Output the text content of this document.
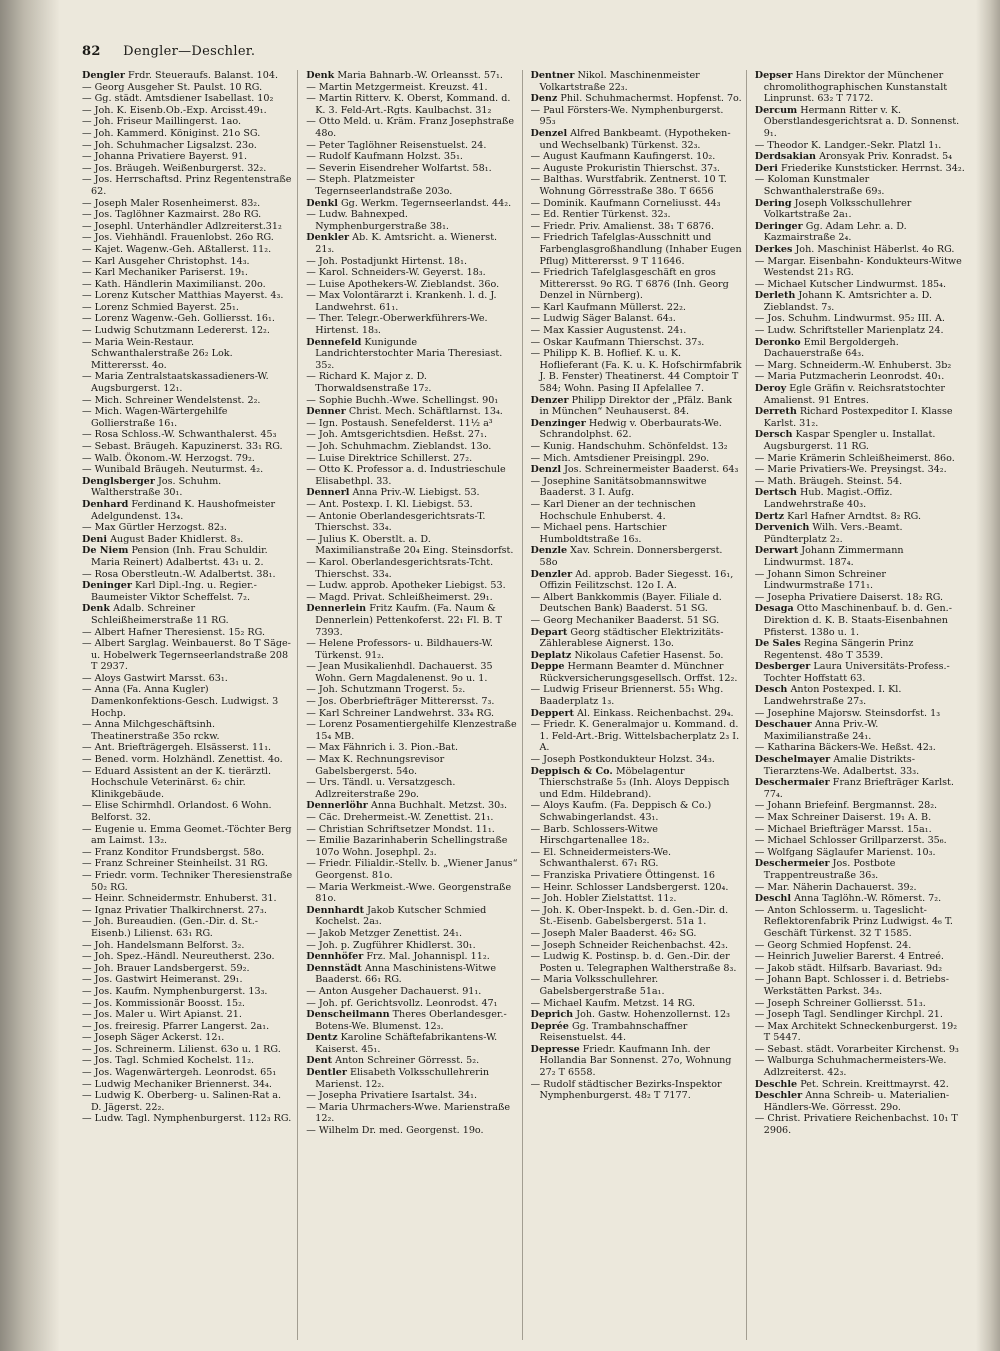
82 Dengler—Deschler.

Dengler Frdr. Steueraufs. Balanst. 104.

— Georg Ausgeher St. Paulst. 10 RG.

— Gg. städt. Amtsdiener Isabellast. 10₂

— Joh. K. Eisenb.Ob.-Exp. Arcisst.49₁.

— Joh. Friseur Maillingerst. 1ao.

— Joh. Kammerd. Königinst. 21o SG.

— Joh. Schuhmacher Ligsalzst. 23o.

— Johanna Privatiere Bayerst. 91.

— Jos. Bräugeh. Weißenburgerst. 32₂.

— Jos. Herrschaftsd. Prinz Regentenstraße 62.

— Joseph Maler Rosenheimerst. 83₂.

— Jos. Taglöhner Kazmairst. 28o RG.

— Josephl. Unterhändler Adlzreiterst.31₂

— Jos. Viehhändl. Frauenlobst. 26o RG.

— Kajet. Wagenw.-Geh. Aßtallerst. 11₂.

— Karl Ausgeher Christophst. 14₃.

— Karl Mechaniker Pariserst. 19₁.

— Kath. Händlerin Maximilianst. 20o.

— Lorenz Kutscher Matthias Mayerst. 4₃.

— Lorenz Schmied Bayerst. 25₁.

— Lorenz Wagenw.-Geh. Golliersst. 16₁.

— Ludwig Schutzmann Ledererst. 12₂.

— Maria Wein-Restaur. Schwanthalerstraße 26₂ Lok. Mitterersst. 4o.

— Maria Zentralstaatskassadieners-W. Augsburgerst. 12₁.

— Mich. Schreiner Wendelstenst. 2₂.

— Mich. Wagen-Wärtergehilfe Gollierstraße 16₁.

— Rosa Schloss.-W. Schwanthalerst. 45₃

— Sebast. Bräugeh. Kapuzinerst. 33₁ RG.

— Walb. Ökonom.-W. Herzogst. 79₂.

— Wunibald Bräugeh. Neuturmst. 4₂.

Denglsberger Jos. Schuhm. Waltherstraße 30₁.

Denhard Ferdinand K. Haushofmeister Adelgundenst. 13₄.

— Max Gürtler Herzogst. 82₃.

Deni August Bader Khidlerst. 8₃.

De Niem Pension (Inh. Frau Schuldir. Maria Reinert) Adalbertst. 43₁ u. 2.

— Rosa Oberstleutn.-W. Adalbertst. 38₁.

Deninger Karl Dipl.-Ing. u. Regier.-Baumeister Viktor Scheffelst. 7₂.

Denk Adalb. Schreiner Schleißheimerstraße 11 RG.

— Albert Hafner Theresienst. 15₂ RG.

— Albert Sarglag. Weinbauerst. 8o T Säge- u. Hobelwerk Tegernseerlandstraße 208 T 2937.

— Aloys Gastwirt Marsst. 63₁.

— Anna (Fa. Anna Kugler) Damenkonfektions-Gesch. Ludwigst. 3 Hochp.

— Anna Milchgeschäftsinh. Theatinerstraße 35o rckw.

— Ant. Briefträgergeh. Elsässerst. 11₁.

— Bened. vorm. Holzhändl. Zenettist. 4o.

— Eduard Assistent an der K. tierärztl. Hochschule Veterinärst. 6₂ chir. Klinikgebäude.

— Elise Schirmhdl. Orlandost. 6 Wohn. Belforst. 32.

— Eugenie u. Emma Geomet.-Töchter Berg am Laimst. 13₂.

— Franz Konditor Frundsbergst. 58o.

— Franz Schreiner Steinheilst. 31 RG.

— Friedr. vorm. Techniker Theresienstraße 50₂ RG.

— Heinr. Schneidermstr. Enhuberst. 31.

— Ignaz Privatier Thalkirchnerst. 27₃.

— Joh. Bureaudien. (Gen.-Dir. d. St.-Eisenb.) Lilienst. 63₁ RG.

— Joh. Handelsmann Belforst. 3₂.

— Joh. Spez.-Händl. Neureutherst. 23o.

— Joh. Brauer Landsbergerst. 59₂.

— Jos. Gastwirt Heimeranst. 29₁.

— Jos. Kaufm. Nymphenburgerst. 13₃.

— Jos. Kommissionär Boosst. 15₂.

— Jos. Maler u. Wirt Apianst. 21.

— Jos. freiresig. Pfarrer Langerst. 2a₁.

— Joseph Säger Ackerst. 12₁.

— Jos. Schreinerm. Lilienst. 63o u. 1 RG.

— Jos. Tagl. Schmied Kochelst. 11₂.

— Jos. Wagenwärtergeh. Leonrodst. 65₁

— Ludwig Mechaniker Briennerst. 34₄.

— Ludwig K. Oberberg- u. Salinen-Rat a. D. Jägerst. 22₂.

— Ludw. Tagl. Nymphenburgerst. 112₃ RG.

Denk Maria Bahnarb.-W. Orleansst. 57₁.

— Martin Metzgermeist. Kreuzst. 41.

— Martin Ritterv. K. Oberst, Kommand. d. K. 3. Feld-Art.-Rgts. Kaulbachst. 31₂

— Otto Meld. u. Kräm. Franz Josephstraße 48o.

— Peter Taglöhner Reisenstuelst. 24.

— Rudolf Kaufmann Holzst. 35₁.

— Severin Eisendreher Wolfartst. 58₁.

— Steph. Platzmeister Tegernseerlandstraße 203o.

Denkl Gg. Werkm. Tegernseerlandst. 44₂.

— Ludw. Bahnexped. Nymphenburgerstraße 38₁.

Denkler Ab. K. Amtsricht. a. Wienerst. 21₃.

— Joh. Postadjunkt Hirtenst. 18₁.

— Karol. Schneiders-W. Geyerst. 18₃.

— Luise Apothekers-W. Zieblandst. 36o.

— Max Volontärarzt i. Krankenh. l. d. J. Landwehrst. 61₁.

— Ther. Telegr.-Oberwerkführers-We. Hirtenst. 18₃.

Dennefeld Kunigunde Landrichterstochter Maria Theresiast. 35₂.

— Richard K. Major z. D. Thorwaldsenstraße 17₂.

— Sophie Buchh.-Wwe. Schellingst. 90₁

Denner Christ. Mech. Schäftlarnst. 13₄.

— Ign. Postaush. Senefelderst. 11½ a³

— Joh. Amtsgerichtsdien. Heßst. 27₁.

— Joh. Schuhmachm. Zieblandst. 13o.

— Luise Direktrice Schillerst. 27₂.

— Otto K. Professor a. d. Industrieschule Elisabethpl. 33.

Dennerl Anna Priv.-W. Liebigst. 53.

— Ant. Postexp. I. Kl. Liebigst. 53.

— Antonie Oberlandesgerichtsrats-T. Thierschst. 33₄.

— Julius K. Oberstlt. a. D. Maximilianstraße 20₄ Eing. Steinsdorfst.

— Karol. Oberlandesgerichtsrats-Tcht. Thierschst. 33₄.

— Ludw. approb. Apotheker Liebigst. 53.

— Magd. Privat. Schleißheimerst. 29₁.

Dennerlein Fritz Kaufm. (Fa. Naum & Dennerlein) Pettenkoferst. 22₁ Fl. B. T 7393.

— Helene Professors- u. Bildhauers-W. Türkenst. 91₂.

— Jean Musikalienhdl. Dachauerst. 35 Wohn. Gern Magdalenenst. 9o u. 1.

— Joh. Schutzmann Trogerst. 5₂.

— Jos. Oberbriefträger Mitterersst. 7₃.

— Karl Schreiner Landwehrst. 33₄ RG.

— Lorenz Posamentiergehilfe Klenzestraße 15₄ MB.

— Max Fähnrich i. 3. Pion.-Bat.

— Max K. Rechnungsrevisor Gabelsbergerst. 54o.

— Urs. Tändl. u. Versatzgesch. Adlzreiterstraße 29o.

Dennerlöhr Anna Buchhalt. Metzst. 30₃.

— Cäc. Drehermeist.-W. Zenettist. 21₁.

— Christian Schriftsetzer Mondst. 11₁.

— Emilie Bazarinhaberin Schellingstraße 107o Wohn. Josephpl. 2₃.

— Friedr. Filialdir.-Stellv. b. „Wiener Janus“ Georgenst. 81o.

— Maria Werkmeist.-Wwe. Georgenstraße 81o.

Dennhardt Jakob Kutscher Schmied Kochelst. 2a₃.

— Jakob Metzger Zenettist. 24₁.

— Joh. p. Zugführer Khidlerst. 30₁.

Dennhöfer Frz. Mal. Johannispl. 11₂.

Dennstädt Anna Maschinistens-Witwe Baaderst. 66₁ RG.

— Anton Ausgeher Dachauerst. 91₁.

— Joh. pf. Gerichtsvollz. Leonrodst. 47₁

Denscheilmann Theres Oberlandesger.-Botens-We. Blumenst. 12₃.

Dentz Karoline Schäftefabrikantens-W. Kaiserst. 45₁.

Dent Anton Schreiner Görresst. 5₂.

Dentler Elisabeth Volksschullehrerin Marienst. 12₂.

— Josepha Privatiere Isartalst. 34₁.

— Maria Uhrmachers-Wwe. Marienstraße 12₂.

— Wilhelm Dr. med. Georgenst. 19o.

Dentner Nikol. Maschinenmeister Volkartstraße 22₃.

Denz Phil. Schuhmachermst. Hopfenst. 7o.

— Paul Försters-We. Nymphenburgerst. 95₃

Denzel Alfred Bankbeamt. (Hypotheken- und Wechselbank) Türkenst. 32₃.

— August Kaufmann Kaufingerst. 10₂.

— Auguste Prokuristin Thierschst. 37₃.

— Balthas. Wurstfabrik. Zentnerst. 10 T. Wohnung Görresstraße 38o. T 6656

— Dominik. Kaufmann Corneliusst. 44₃

— Ed. Rentier Türkenst. 32₃.

— Friedr. Priv. Amalienst. 38₁ T 6876.

— Friedrich Tafelglas-Ausschnitt und Farbenglasgroßhandlung (Inhaber Eugen Pflug) Mitterersst. 9 T 11646.

— Friedrich Tafelglasgeschäft en gros Mitterersst. 9o RG. T 6876 (Inh. Georg Denzel in Nürnberg).

— Karl Kaufmann Müllerst. 22₂.

— Ludwig Säger Balanst. 64₃.

— Max Kassier Augustenst. 24₁.

— Oskar Kaufmann Thierschst. 37₃.

— Philipp K. B. Hoflief. K. u. K. Hoflieferant (Fa. K. u. K. Hofschirmfabrik J. B. Fenster) Theatinerst. 44 Comptoir T 584; Wohn. Pasing II Apfelallee 7.

Denzer Philipp Direktor der „Pfälz. Bank in München“ Neuhauserst. 84.

Denzinger Hedwig v. Oberbaurats-We. Schrandolphst. 62.

— Kunig. Handschuhm. Schönfeldst. 13₂

— Mich. Amtsdiener Preisingpl. 29o.

Denzl Jos. Schreinermeister Baaderst. 64₃

— Josephine Sanitätsobmannswitwe Baaderst. 3 I. Aufg.

— Karl Diener an der technischen Hochschule Enhuberst. 4.

— Michael pens. Hartschier Humboldtstraße 16₃.

Denzle Xav. Schrein. Donnersbergerst. 58o

Denzler Ad. approb. Bader Siegesst. 16₁, Offizin Feilitzschst. 12o I. A.

— Albert Bankkommis (Bayer. Filiale d. Deutschen Bank) Baaderst. 51 SG.

— Georg Mechaniker Baaderst. 51 SG.

Depart Georg städtischer Elektrizitäts-Zählerablese Aignerst. 13o.

Deplatz Nikolaus Cafetier Hasenst. 5o.

Deppe Hermann Beamter d. Münchner Rückversicherungsgesellsch. Orffst. 12₂.

— Ludwig Friseur Briennerst. 55₁ Whg. Baaderplatz 1₃.

Deppert Al. Einkass. Reichenbachst. 29₄.

— Friedr. K. Generalmajor u. Kommand. d. 1. Feld-Art.-Brig. Wittelsbacherplatz 2₃ I. A.

— Joseph Postkondukteur Holzst. 34₃.

Deppisch & Co. Möbelagentur Thierschstraße 5₃ (Inh. Aloys Deppisch und Edm. Hildebrand).

— Aloys Kaufm. (Fa. Deppisch & Co.) Schwabingerlandst. 43₁.

— Barb. Schlossers-Witwe Hirschgartenallee 18₂.

— El. Schneidermeisters-We. Schwanthalerst. 67₁ RG.

— Franziska Privatiere Öttingenst. 16

— Heinr. Schlosser Landsbergerst. 120₄.

— Joh. Hobler Zielstattst. 11₂.

— Joh. K. Ober-Inspekt. b. d. Gen.-Dir. d. St.-Eisenb. Gabelsbergerst. 51a 1.

— Joseph Maler Baaderst. 46₂ SG.

— Joseph Schneider Reichenbachst. 42₃.

— Ludwig K. Postinsp. b. d. Gen.-Dir. der Posten u. Telegraphen Waltherstraße 8₃.

— Maria Volksschullehrer. Gabelsbergerstraße 51a₁.

— Michael Kaufm. Metzst. 14 RG.

Deprich Joh. Gastw. Hohenzollernst. 12₃

Deprée Gg. Trambahnschaffner Reisenstuelst. 44.

Depresse Friedr. Kaufmann Inh. der Hollandia Bar Sonnenst. 27o, Wohnung 27₂ T 6558.

— Rudolf städtischer Bezirks-Inspektor Nymphenburgerst. 48₂ T 7177.

Depser Hans Direktor der Münchener chromolithographischen Kunstanstalt Linprunst. 63₂ T 7172.

Dercum Hermann Ritter v. K. Oberstlandesgerichtsrat a. D. Sonnenst. 9₁.

— Theodor K. Landger.-Sekr. Platzl 1₁.

Derdsakian Aronsyak Priv. Konradst. 5₄

Deri Friederike Kunststicker. Herrnst. 34₂.

— Koloman Kunstmaler Schwanthalerstraße 69₃.

Dering Joseph Volksschullehrer Volkartstraße 2a₁.

Deringer Gg. Adam Lehr. a. D. Kazmairstraße 2₄.

Derkes Joh. Maschinist Häberlst. 4o RG.

— Margar. Eisenbahn- Kondukteurs-Witwe Westendst 21₃ RG.

— Michael Kutscher Lindwurmst. 185₄.

Derleth Johann K. Amtsrichter a. D. Zieblandst. 7₃.

— Jos. Schuhm. Lindwurmst. 95₂ III. A.

— Ludw. Schriftsteller Marienplatz 24.

Deronko Emil Bergoldergeh. Dachauerstraße 64₃.

— Marg. Schneiderm.-W. Enhuberst. 3b₂

— Maria Putzmacherin Leonrodst. 40₁.

Deroy Egle Gräfin v. Reichsratstochter Amalienst. 91 Entres.

Derreth Richard Postexpeditor I. Klasse Karlst. 31₂.

Dersch Kaspar Spengler u. Installat. Augsburgerst. 11 RG.

— Marie Krämerin Schleißheimerst. 86o.

— Marie Privatiers-We. Preysingst. 34₂.

— Math. Bräugeh. Steinst. 54.

Dertsch Hub. Magist.-Offiz. Landwehrstraße 40₃.

Dertz Karl Hafner Arndtst. 8₂ RG.

Dervenich Wilh. Vers.-Beamt. Pündterplatz 2₂.

Derwart Johann Zimmermann Lindwurmst. 187₄.

— Johann Simon Schreiner Lindwurmstraße 171₁.

— Josepha Privatiere Daiserst. 18₂ RG.

Desaga Otto Maschinenbauf. b. d. Gen.-Direktion d. K. B. Staats-Eisenbahnen Pfisterst. 138o u. 1.

De Sales Regina Sängerin Prinz Regentenst. 48o T 3539.

Desberger Laura Universitäts-Profess.-Tochter Hoffstatt 63.

Desch Anton Postexped. I. Kl. Landwehrstraße 27₃.

— Josephine Majorsw. Steinsdorfst. 1₃

Deschauer Anna Priv.-W. Maximilianstraße 24₁.

— Katharina Bäckers-We. Heßst. 42₃.

Deschelmayer Amalie Distrikts-Tierarztens-We. Adalbertst. 33₃.

Deschermaier Franz Briefträger Karlst. 77₄.

— Johann Briefeinf. Bergmannst. 28₂.

— Max Schreiner Daiserst. 19₁ A. B.

— Michael Briefträger Marsst. 15a₁.

— Michael Schlosser Grillparzerst. 35₆.

— Wolfgang Säglaufer Marienst. 10₃.

Deschermeier Jos. Postbote Trappentreustraße 36₃.

— Mar. Näherin Dachauerst. 39₂.

Deschl Anna Taglöhn.-W. Römerst. 7₂.

— Anton Schlosserm. u. Tageslicht-Reflektorenfabrik Prinz Ludwigst. 4₆ T. Geschäft Türkenst. 32 T 1585.

— Georg Schmied Hopfenst. 24.

— Heinrich Juwelier Barerst. 4 Entreé.

— Jakob städt. Hilfsarb. Bavariast. 9d₂

— Johann Bapt. Schlosser i. d. Betriebs-Werkstätten Parkst. 34₃.

— Joseph Schreiner Golliersst. 51₃.

— Joseph Tagl. Sendlinger Kirchpl. 21.

— Max Architekt Schneckenburgerst. 19₂ T 5447.

— Sebast. städt. Vorarbeiter Kirchenst. 9₃

— Walburga Schuhmachermeisters-We. Adlzreiterst. 42₃.

Deschle Pet. Schrein. Kreittmayrst. 42.

Deschler Anna Schreib- u. Materialien-Händlers-We. Görresst. 29o.

— Christ. Privatiere Reichenbachst. 10₁ T 2906.
